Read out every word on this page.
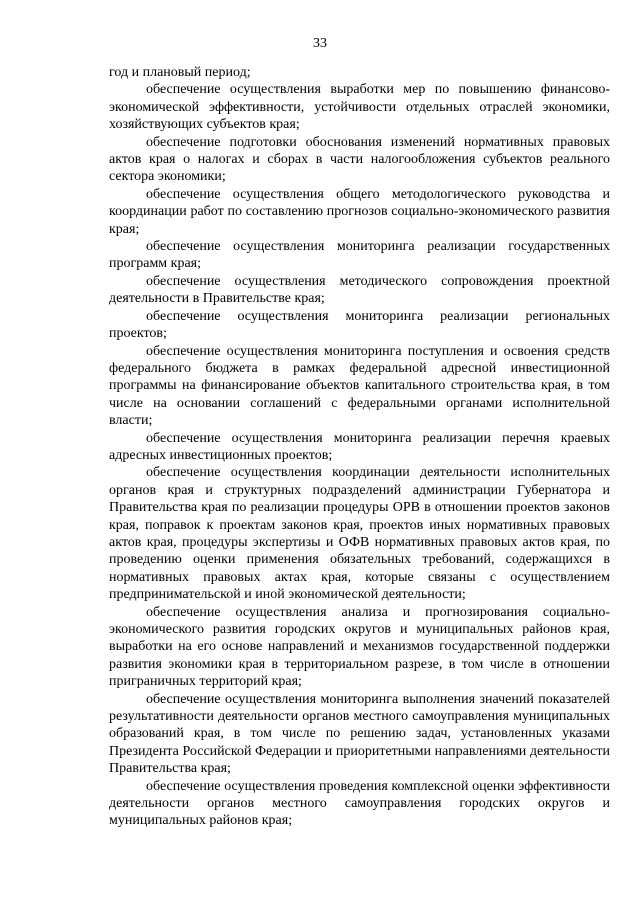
33

год и плановый период;

обеспечение осуществления выработки мер по повышению финансово-экономической эффективности, устойчивости отдельных отраслей экономики, хозяйствующих субъектов края;

обеспечение подготовки обоснования изменений нормативных правовых актов края о налогах и сборах в части налогообложения субъектов реального сектора экономики;

обеспечение осуществления общего методологического руководства и координации работ по составлению прогнозов социально-экономического развития края;

обеспечение осуществления мониторинга реализации государственных программ края;

обеспечение осуществления методического сопровождения проектной деятельности в Правительстве края;

обеспечение осуществления мониторинга реализации региональных проектов;

обеспечение осуществления мониторинга поступления и освоения средств федерального бюджета в рамках федеральной адресной инвестиционной программы на финансирование объектов капитального строительства края, в том числе на основании соглашений с федеральными органами исполнительной власти;

обеспечение осуществления мониторинга реализации перечня краевых адресных инвестиционных проектов;

обеспечение осуществления координации деятельности исполнительных органов края и структурных подразделений администрации Губернатора и Правительства края по реализации процедуры ОРВ в отношении проектов законов края, поправок к проектам законов края, проектов иных нормативных правовых актов края, процедуры экспертизы и ОФВ нормативных правовых актов края, по проведению оценки применения обязательных требований, содержащихся в нормативных правовых актах края, которые связаны с осуществлением предпринимательской и иной экономической деятельности;

обеспечение осуществления анализа и прогнозирования социально-экономического развития городских округов и муниципальных районов края, выработки на его основе направлений и механизмов государственной поддержки развития экономики края в территориальном разрезе, в том числе в отношении приграничных территорий края;

обеспечение осуществления мониторинга выполнения значений показателей результативности деятельности органов местного самоуправления муниципальных образований края, в том числе по решению задач, установленных указами Президента Российской Федерации и приоритетными направлениями деятельности Правительства края;

обеспечение осуществления проведения комплексной оценки эффективности деятельности органов местного самоуправления городских округов и муниципальных районов края;
